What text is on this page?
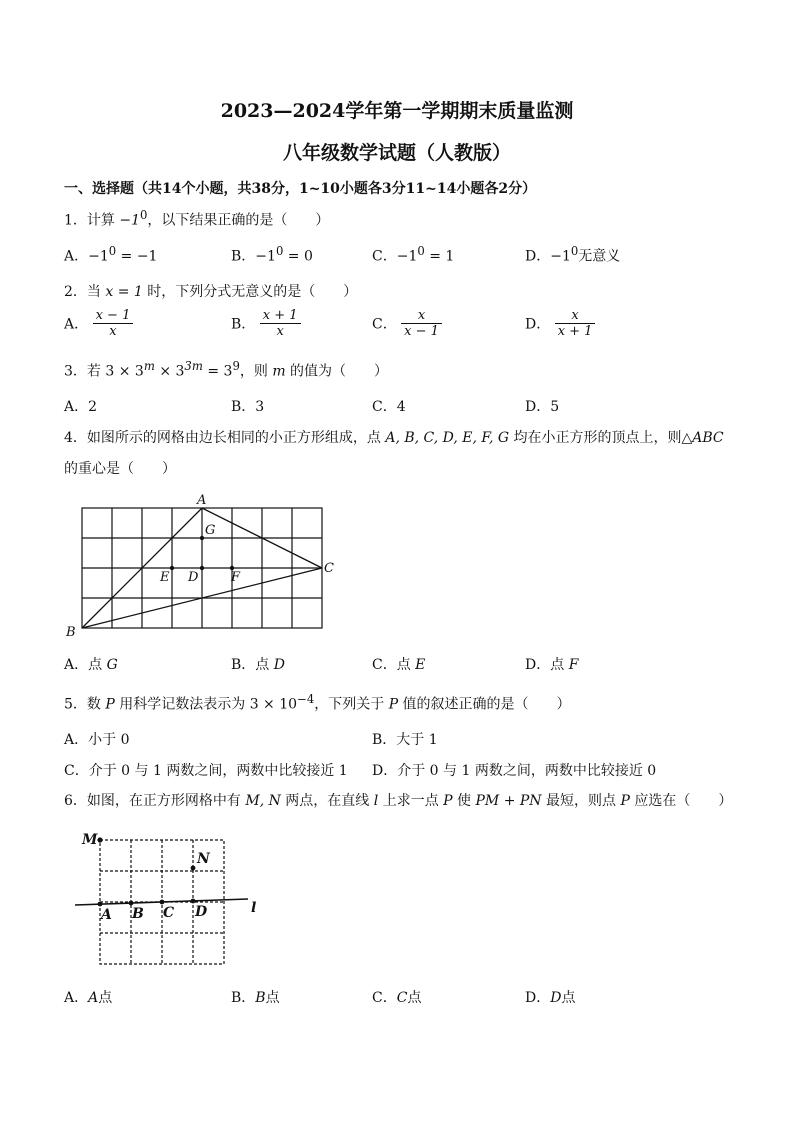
2023—2024学年第一学期期末质量监测
八年级数学试题（人教版）
一、选择题（共14个小题，共38分，1~10小题各3分11~14小题各2分）
1．计算 $-1^0$，以下结果正确的是（　　）
A．$-1^0 = -1$	B．$-1^0 = 0$	C．$-1^0 = 1$	D．$-1^0$无意义
2．当 x = 1 时，下列分式无意义的是（　　）
A． $\frac{x - 1}{x}$	B． $\frac{x + 1}{x}$	C． $\frac{x}{x - 1}$	D． $\frac{x}{x + 1}$
3．若 $3 \times 3^m \times 3^{3m} = 3^9$，则 m 的值为（　　）
A．2	B．3	C．4	D．5
4．如图所示的网格由边长相同的小正方形组成，点 A, B, C, D, E, F, G 均在小正方形的顶点上，则△ABC
的重心是（　　）
A
B
C
G
E D	F
A．点 G	B．点 D	C．点 E	D．点 F
5．数 P 用科学记数法表示为 $3 \times 10^{-4}$，下列关于 P 值的叙述正确的是（　　）
A．小于 0	B．大于 1
C．介于 0 与 1 两数之间，两数中比较接近 1 D．介于 0 与 1 两数之间，两数中比较接近 0
6．如图，在正方形网格中有 M, N 两点，在直线 l 上求一点 P 使 PM + PN 最短，则点 P 应选在（　　）
M
N
A B C D	l
A．A点	B．B点	C．C点	D．D点
